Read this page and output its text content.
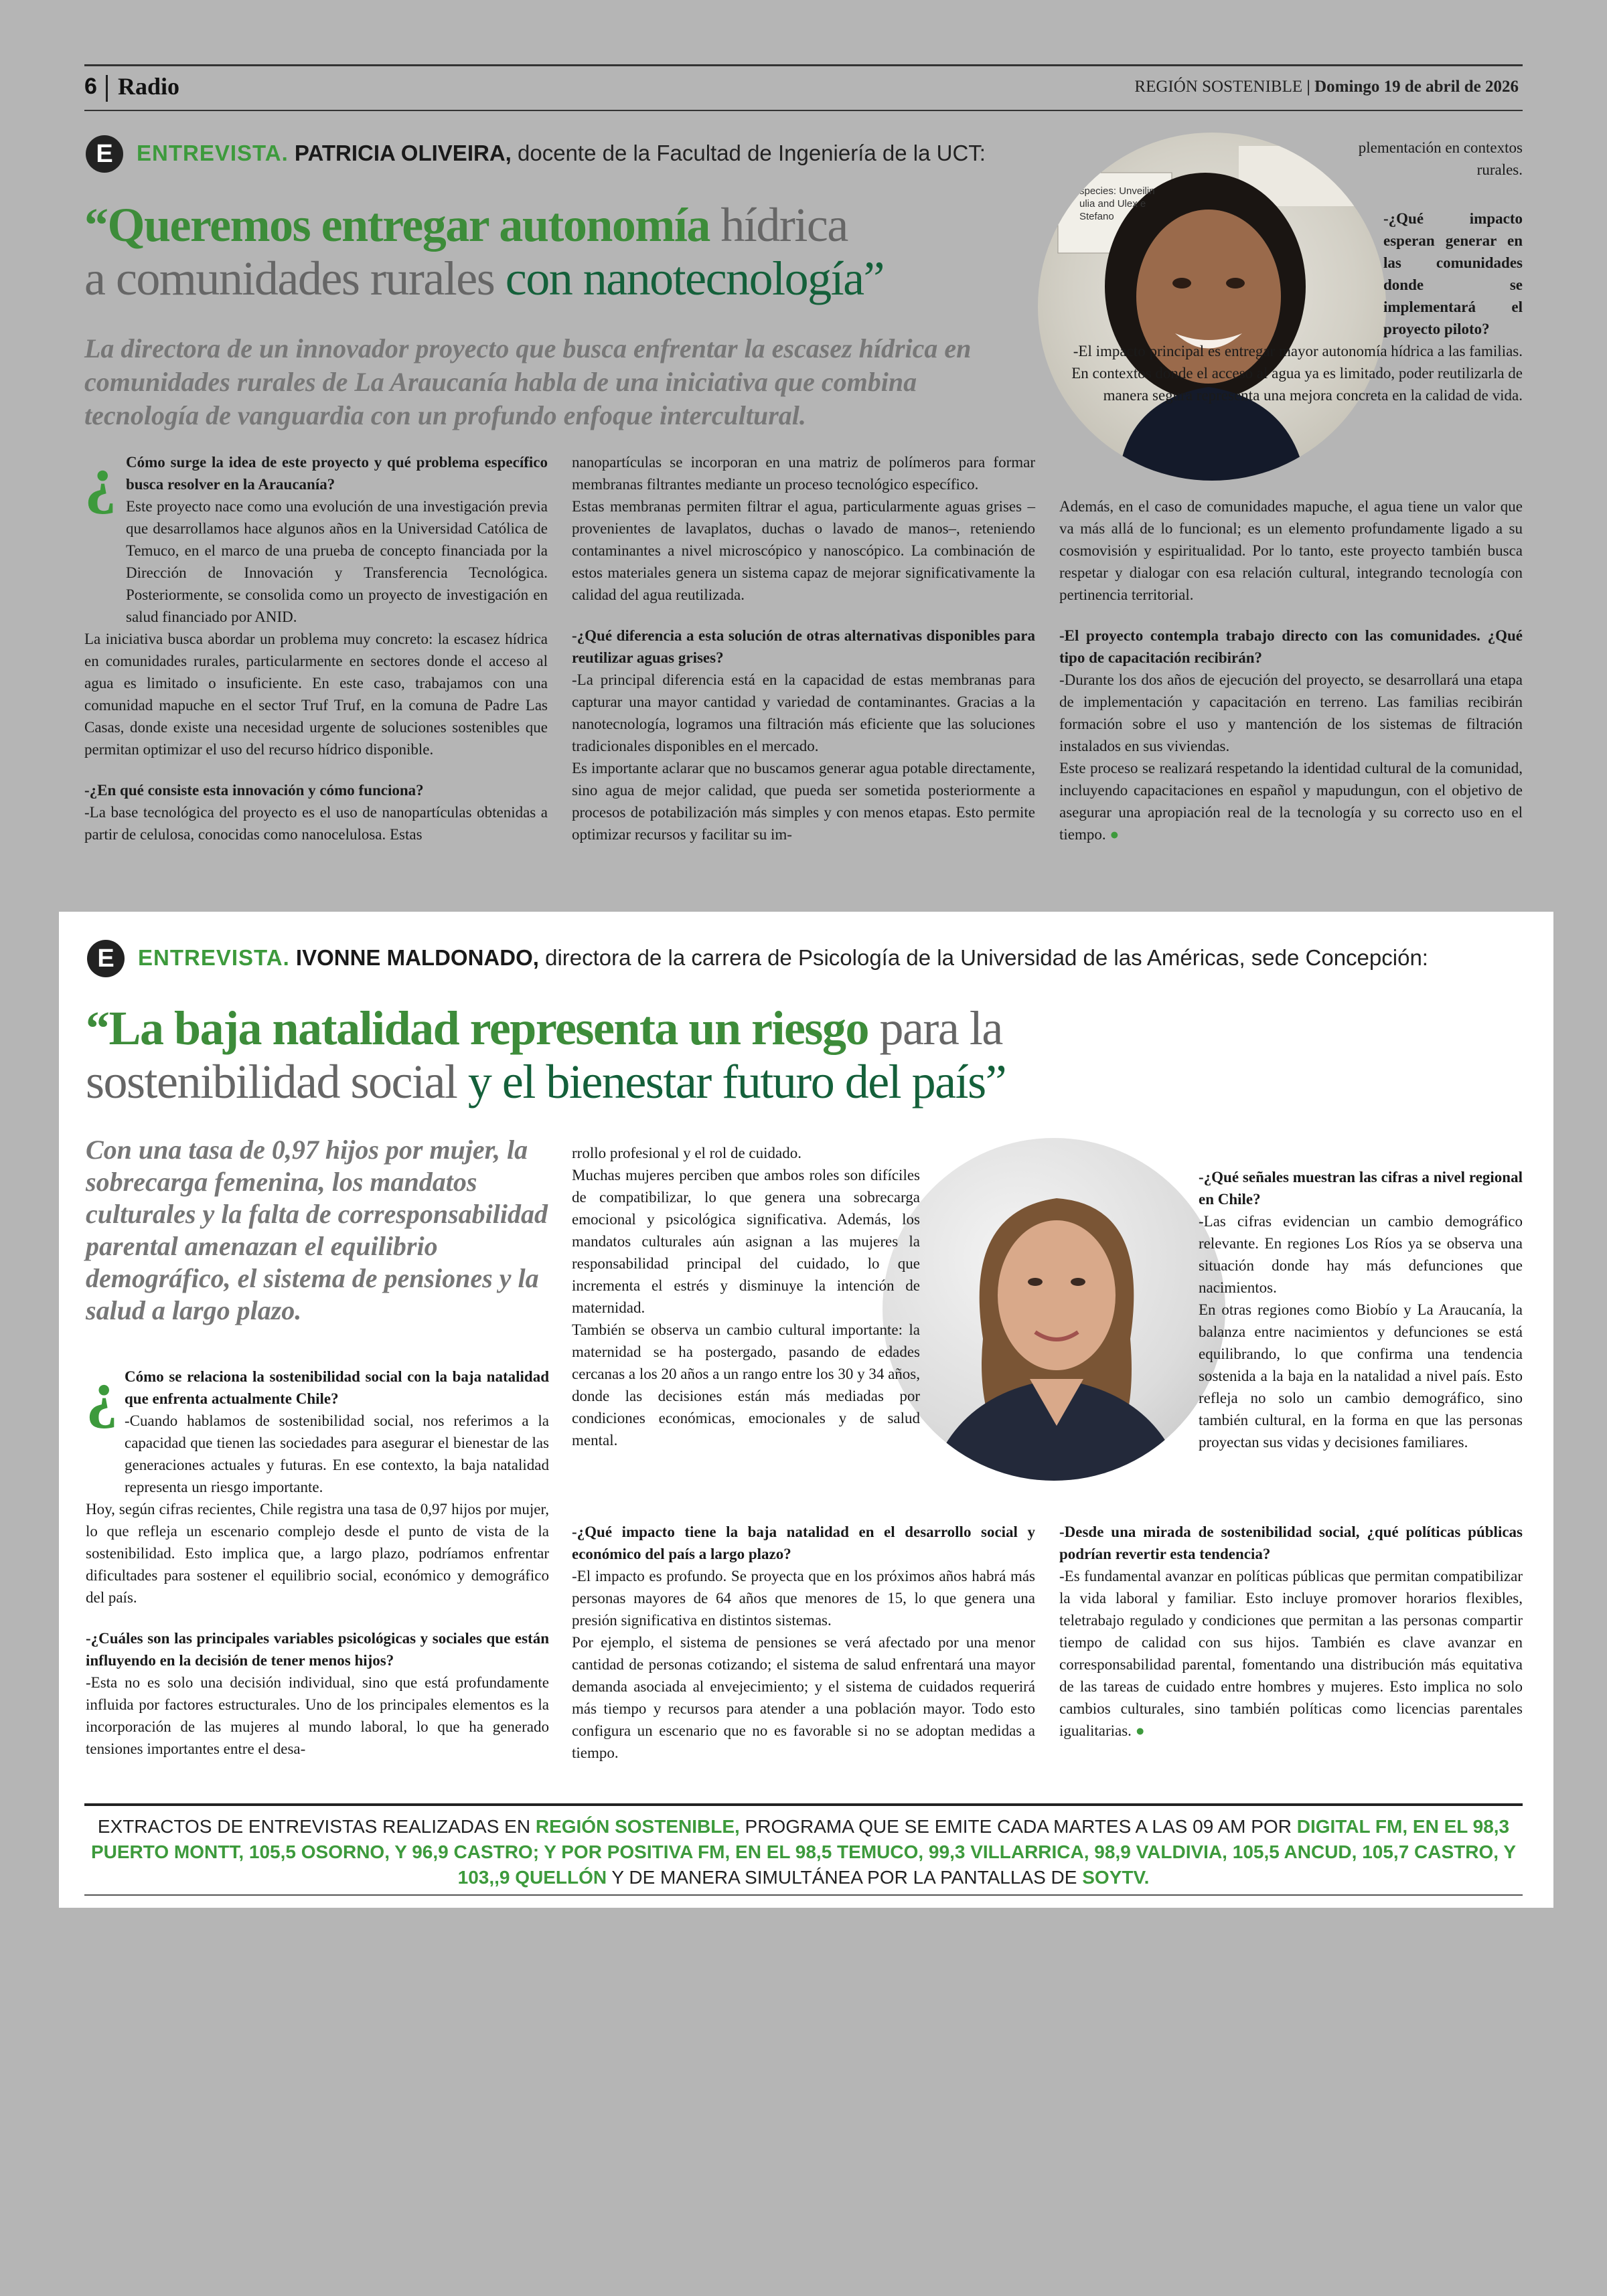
6 Radio	REGIÓN SOSTENIBLE | Domingo 19 de abril de 2026
E	ENTREVISTA. PATRICIA OLIVEIRA, docente de la Facultad de Ingeniería de la UCT:
“Queremos entregar autonomía hídrica
a comunidades rurales con nanotecnología”
La directora de un innovador proyecto que busca enfrentar la escasez hídrica en comunidades rurales de La Araucanía habla de una iniciativa que combina tecnología de vanguardia con un profundo enfoque intercultural.
species: Unveilin
ulia and Ulex e
Stefano
¿ Cómo surge la idea de este proyecto y qué problema específico busca resolver en la Araucanía?

Este proyecto nace como una evolución de una investigación previa que desarrollamos hace algunos años en la Universidad Católica de Temuco, en el marco de una prueba de concepto financiada por la Dirección de Innovación y Transferencia Tecnológica. Posteriormente, se consolida como un proyecto de investigación en salud financiado por ANID.

La iniciativa busca abordar un problema muy concreto: la escasez hídrica en comunidades rurales, particularmente en sectores donde el acceso al agua es limitado o insuficiente. En este caso, trabajamos con una comunidad mapuche en el sector Truf Truf, en la comuna de Padre Las Casas, donde existe una necesidad urgente de soluciones sostenibles que permitan optimizar el uso del recurso hídrico disponible.

-¿En qué consiste esta innovación y cómo funciona?

-La base tecnológica del proyecto es el uso de nanopartículas obtenidas a partir de celulosa, conocidas como nanocelulosa. Estas

nanopartículas se incorporan en una matriz de polímeros para formar membranas filtrantes mediante un proceso tecnológico específico.

Estas membranas permiten filtrar el agua, particularmente aguas grises –provenientes de lavaplatos, duchas o lavado de manos–, reteniendo contaminantes a nivel microscópico y nanoscópico. La combinación de estos materiales genera un sistema capaz de mejorar significativamente la calidad del agua reutilizada.

-¿Qué diferencia a esta solución de otras alternativas disponibles para reutilizar aguas grises?

-La principal diferencia está en la capacidad de estas membranas para capturar una mayor cantidad y variedad de contaminantes. Gracias a la nanotecnología, logramos una filtración más eficiente que las soluciones tradicionales disponibles en el mercado.

Es importante aclarar que no buscamos generar agua potable directamente, sino agua de mejor calidad, que pueda ser sometida posteriormente a procesos de potabilización más simples y con menos etapas. Esto permite optimizar recursos y facilitar su im-

plementación en contextos rurales.

-¿Qué impacto esperan generar en las comunidades donde se implementará el proyecto piloto?

-El impacto principal es entregar mayor autonomía hídrica a las familias. En contextos donde el acceso al agua ya es limitado, poder reutilizarla de manera segura representa una mejora concreta en la calidad de vida.

Además, en el caso de comunidades mapuche, el agua tiene un valor que va más allá de lo funcional; es un elemento profundamente ligado a su cosmovisión y espiritualidad. Por lo tanto, este proyecto también busca respetar y dialogar con esa relación cultural, integrando tecnología con pertinencia territorial.

-El proyecto contempla trabajo directo con las comunidades. ¿Qué tipo de capacitación recibirán?

-Durante los dos años de ejecución del proyecto, se desarrollará una etapa de implementación y capacitación en terreno. Las familias recibirán formación sobre el uso y mantención de los sistemas de filtración instalados en sus viviendas.

Este proceso se realizará respetando la identidad cultural de la comunidad, incluyendo capacitaciones en español y mapudungun, con el objetivo de asegurar una apropiación real de la tecnología y su correcto uso en el tiempo. ●

E	ENTREVISTA. IVONNE MALDONADO, directora de la carrera de Psicología de la Universidad de las Américas, sede Concepción:
“La baja natalidad representa un riesgo para la
sostenibilidad social y el bienestar futuro del país”
Con una tasa de 0,97 hijos por mujer, la sobrecarga femenina, los mandatos culturales y la falta de corresponsabilidad parental amenazan el equilibrio demográfico, el sistema de pensiones y la salud a largo plazo.
¿ Cómo se relaciona la sostenibilidad social con la baja natalidad que enfrenta actualmente Chile?

-Cuando hablamos de sostenibilidad social, nos referimos a la capacidad que tienen las sociedades para asegurar el bienestar de las generaciones actuales y futuras. En ese contexto, la baja natalidad representa un riesgo importante.

Hoy, según cifras recientes, Chile registra una tasa de 0,97 hijos por mujer, lo que refleja un escenario complejo desde el punto de vista de la sostenibilidad. Esto implica que, a largo plazo, podríamos enfrentar dificultades para sostener el equilibrio social, económico y demográfico del país.

-¿Cuáles son las principales variables psicológicas y sociales que están influyendo en la decisión de tener menos hijos?

-Esta no es solo una decisión individual, sino que está profundamente influida por factores estructurales. Uno de los principales elementos es la incorporación de las mujeres al mundo laboral, lo que ha generado tensiones importantes entre el desa-

rrollo profesional y el rol de cuidado.

Muchas mujeres perciben que ambos roles son difíciles de compatibilizar, lo que genera una sobrecarga emocional y psicológica significativa. Además, los mandatos culturales aún asignan a las mujeres la responsabilidad principal del cuidado, lo que incrementa el estrés y disminuye la intención de maternidad.

También se observa un cambio cultural importante: la maternidad se ha postergado, pasando de edades cercanas a los 20 años a un rango entre los 30 y 34 años, donde las decisiones están más mediadas por condiciones económicas, emocionales y de salud mental.

-¿Qué impacto tiene la baja natalidad en el desarrollo social y económico del país a largo plazo?

-El impacto es profundo. Se proyecta que en los próximos años habrá más personas mayores de 64 años que menores de 15, lo que genera una presión significativa en distintos sistemas.

Por ejemplo, el sistema de pensiones se verá afectado por una menor cantidad de personas cotizando; el sistema de salud enfrentará una mayor demanda asociada al envejecimiento; y el sistema de cuidados requerirá más tiempo y recursos para atender a una población mayor. Todo esto configura un escenario que no es favorable si no se adoptan medidas a tiempo.

-¿Qué señales muestran las cifras a nivel regional en Chile?

-Las cifras evidencian un cambio demográfico relevante. En regiones Los Ríos ya se observa una situación donde hay más defunciones que nacimientos.

En otras regiones como Biobío y La Araucanía, la balanza entre nacimientos y defunciones se está equilibrando, lo que confirma una tendencia sostenida a la baja en la natalidad a nivel país. Esto refleja no solo un cambio demográfico, sino también cultural, en la forma en que las personas proyectan sus vidas y decisiones familiares.

-Desde una mirada de sostenibilidad social, ¿qué políticas públicas podrían revertir esta tendencia?

-Es fundamental avanzar en políticas públicas que permitan compatibilizar la vida laboral y familiar. Esto incluye promover horarios flexibles, teletrabajo regulado y condiciones que permitan a las personas compartir tiempo de calidad con sus hijos. También es clave avanzar en corresponsabilidad parental, fomentando una distribución más equitativa de las tareas de cuidado entre hombres y mujeres. Esto implica no solo cambios culturales, sino también políticas como licencias parentales igualitarias. ●

EXTRACTOS DE ENTREVISTAS REALIZADAS EN REGIÓN SOSTENIBLE, PROGRAMA QUE SE EMITE CADA MARTES A LAS 09 AM POR DIGITAL FM, EN EL 98,3 PUERTO MONTT, 105,5 OSORNO, Y 96,9 CASTRO; Y POR POSITIVA FM, EN EL 98,5 TEMUCO, 99,3 VILLARRICA, 98,9 VALDIVIA, 105,5 ANCUD, 105,7 CASTRO, Y 103,,9 QUELLÓN Y DE MANERA SIMULTÁNEA POR LA PANTALLAS DE SOYTV.
